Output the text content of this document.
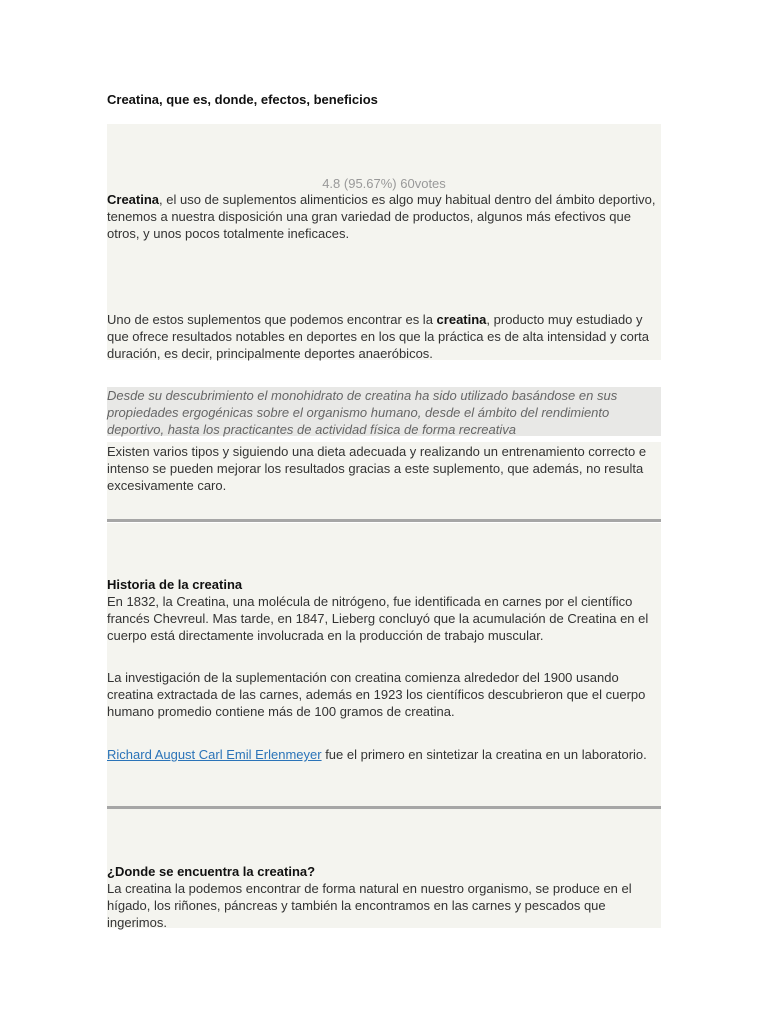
Creatina, que es, donde, efectos, beneficios
4.8 (95.67%) 60votes

Creatina, el uso de suplementos alimenticios es algo muy habitual dentro del ámbito deportivo, tenemos a nuestra disposición una gran variedad de productos, algunos más efectivos que otros, y unos pocos totalmente ineficaces.

Uno de estos suplementos que podemos encontrar es la creatina, producto muy estudiado y que ofrece resultados notables en deportes en los que la práctica es de alta intensidad y corta duración, es decir, principalmente deportes anaeróbicos.

Desde su descubrimiento el monohidrato de creatina ha sido utilizado basándose en sus propiedades ergogénicas sobre el organismo humano, desde el ámbito del rendimiento deportivo, hasta los practicantes de actividad física de forma recreativa

Existen varios tipos y siguiendo una dieta adecuada y realizando un entrenamiento correcto e intenso se pueden mejorar los resultados gracias a este suplemento, que además, no resulta excesivamente caro.

Historia de la creatina
En 1832, la Creatina, una molécula de nitrógeno, fue identificada en carnes por el científico francés Chevreul. Mas tarde, en 1847, Lieberg concluyó que la acumulación de Creatina en el cuerpo está directamente involucrada en la producción de trabajo muscular.

La investigación de la suplementación con creatina comienza alrededor del 1900 usando creatina extractada de las carnes, además en 1923 los científicos descubrieron que el cuerpo humano promedio contiene más de 100 gramos de creatina.

Richard August Carl Emil Erlenmeyer fue el primero en sintetizar la creatina en un laboratorio.

¿Donde se encuentra la creatina?
La creatina la podemos encontrar de forma natural en nuestro organismo, se produce en el hígado, los riñones, páncreas y también la encontramos en las carnes y pescados que ingerimos.
